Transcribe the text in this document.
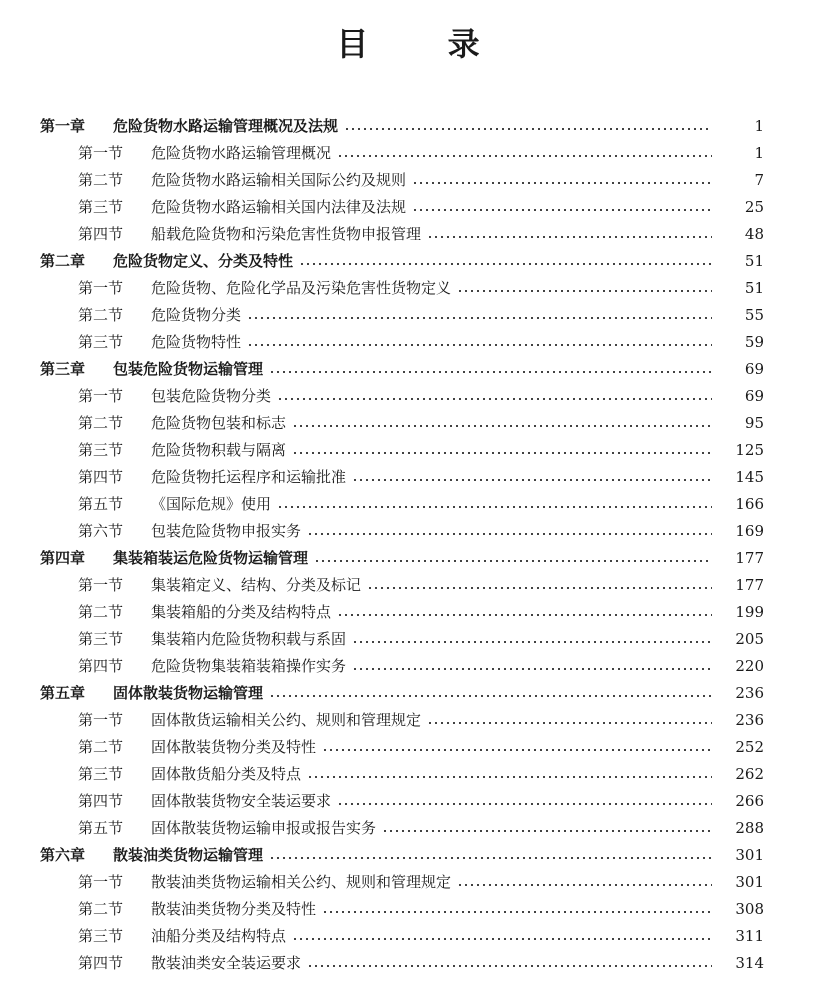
目 录
第一章	危险货物水路运输管理概况及法规	1
第一节	危险货物水路运输管理概况	1
第二节	危险货物水路运输相关国际公约及规则	7
第三节	危险货物水路运输相关国内法律及法规	25
第四节	船载危险货物和污染危害性货物申报管理	48
第二章	危险货物定义、分类及特性	51
第一节	危险货物、危险化学品及污染危害性货物定义	51
第二节	危险货物分类	55
第三节	危险货物特性	59
第三章	包装危险货物运输管理	69
第一节	包装危险货物分类	69
第二节	危险货物包装和标志	95
第三节	危险货物积载与隔离	125
第四节	危险货物托运程序和运输批准	145
第五节	《国际危规》使用	166
第六节	包装危险货物申报实务	169
第四章	集装箱装运危险货物运输管理	177
第一节	集装箱定义、结构、分类及标记	177
第二节	集装箱船的分类及结构特点	199
第三节	集装箱内危险货物积载与系固	205
第四节	危险货物集装箱装箱操作实务	220
第五章	固体散装货物运输管理	236
第一节	固体散货运输相关公约、规则和管理规定	236
第二节	固体散装货物分类及特性	252
第三节	固体散货船分类及特点	262
第四节	固体散装货物安全装运要求	266
第五节	固体散装货物运输申报或报告实务	288
第六章	散装油类货物运输管理	301
第一节	散装油类货物运输相关公约、规则和管理规定	301
第二节	散装油类货物分类及特性	308
第三节	油船分类及结构特点	311
第四节	散装油类安全装运要求	314
